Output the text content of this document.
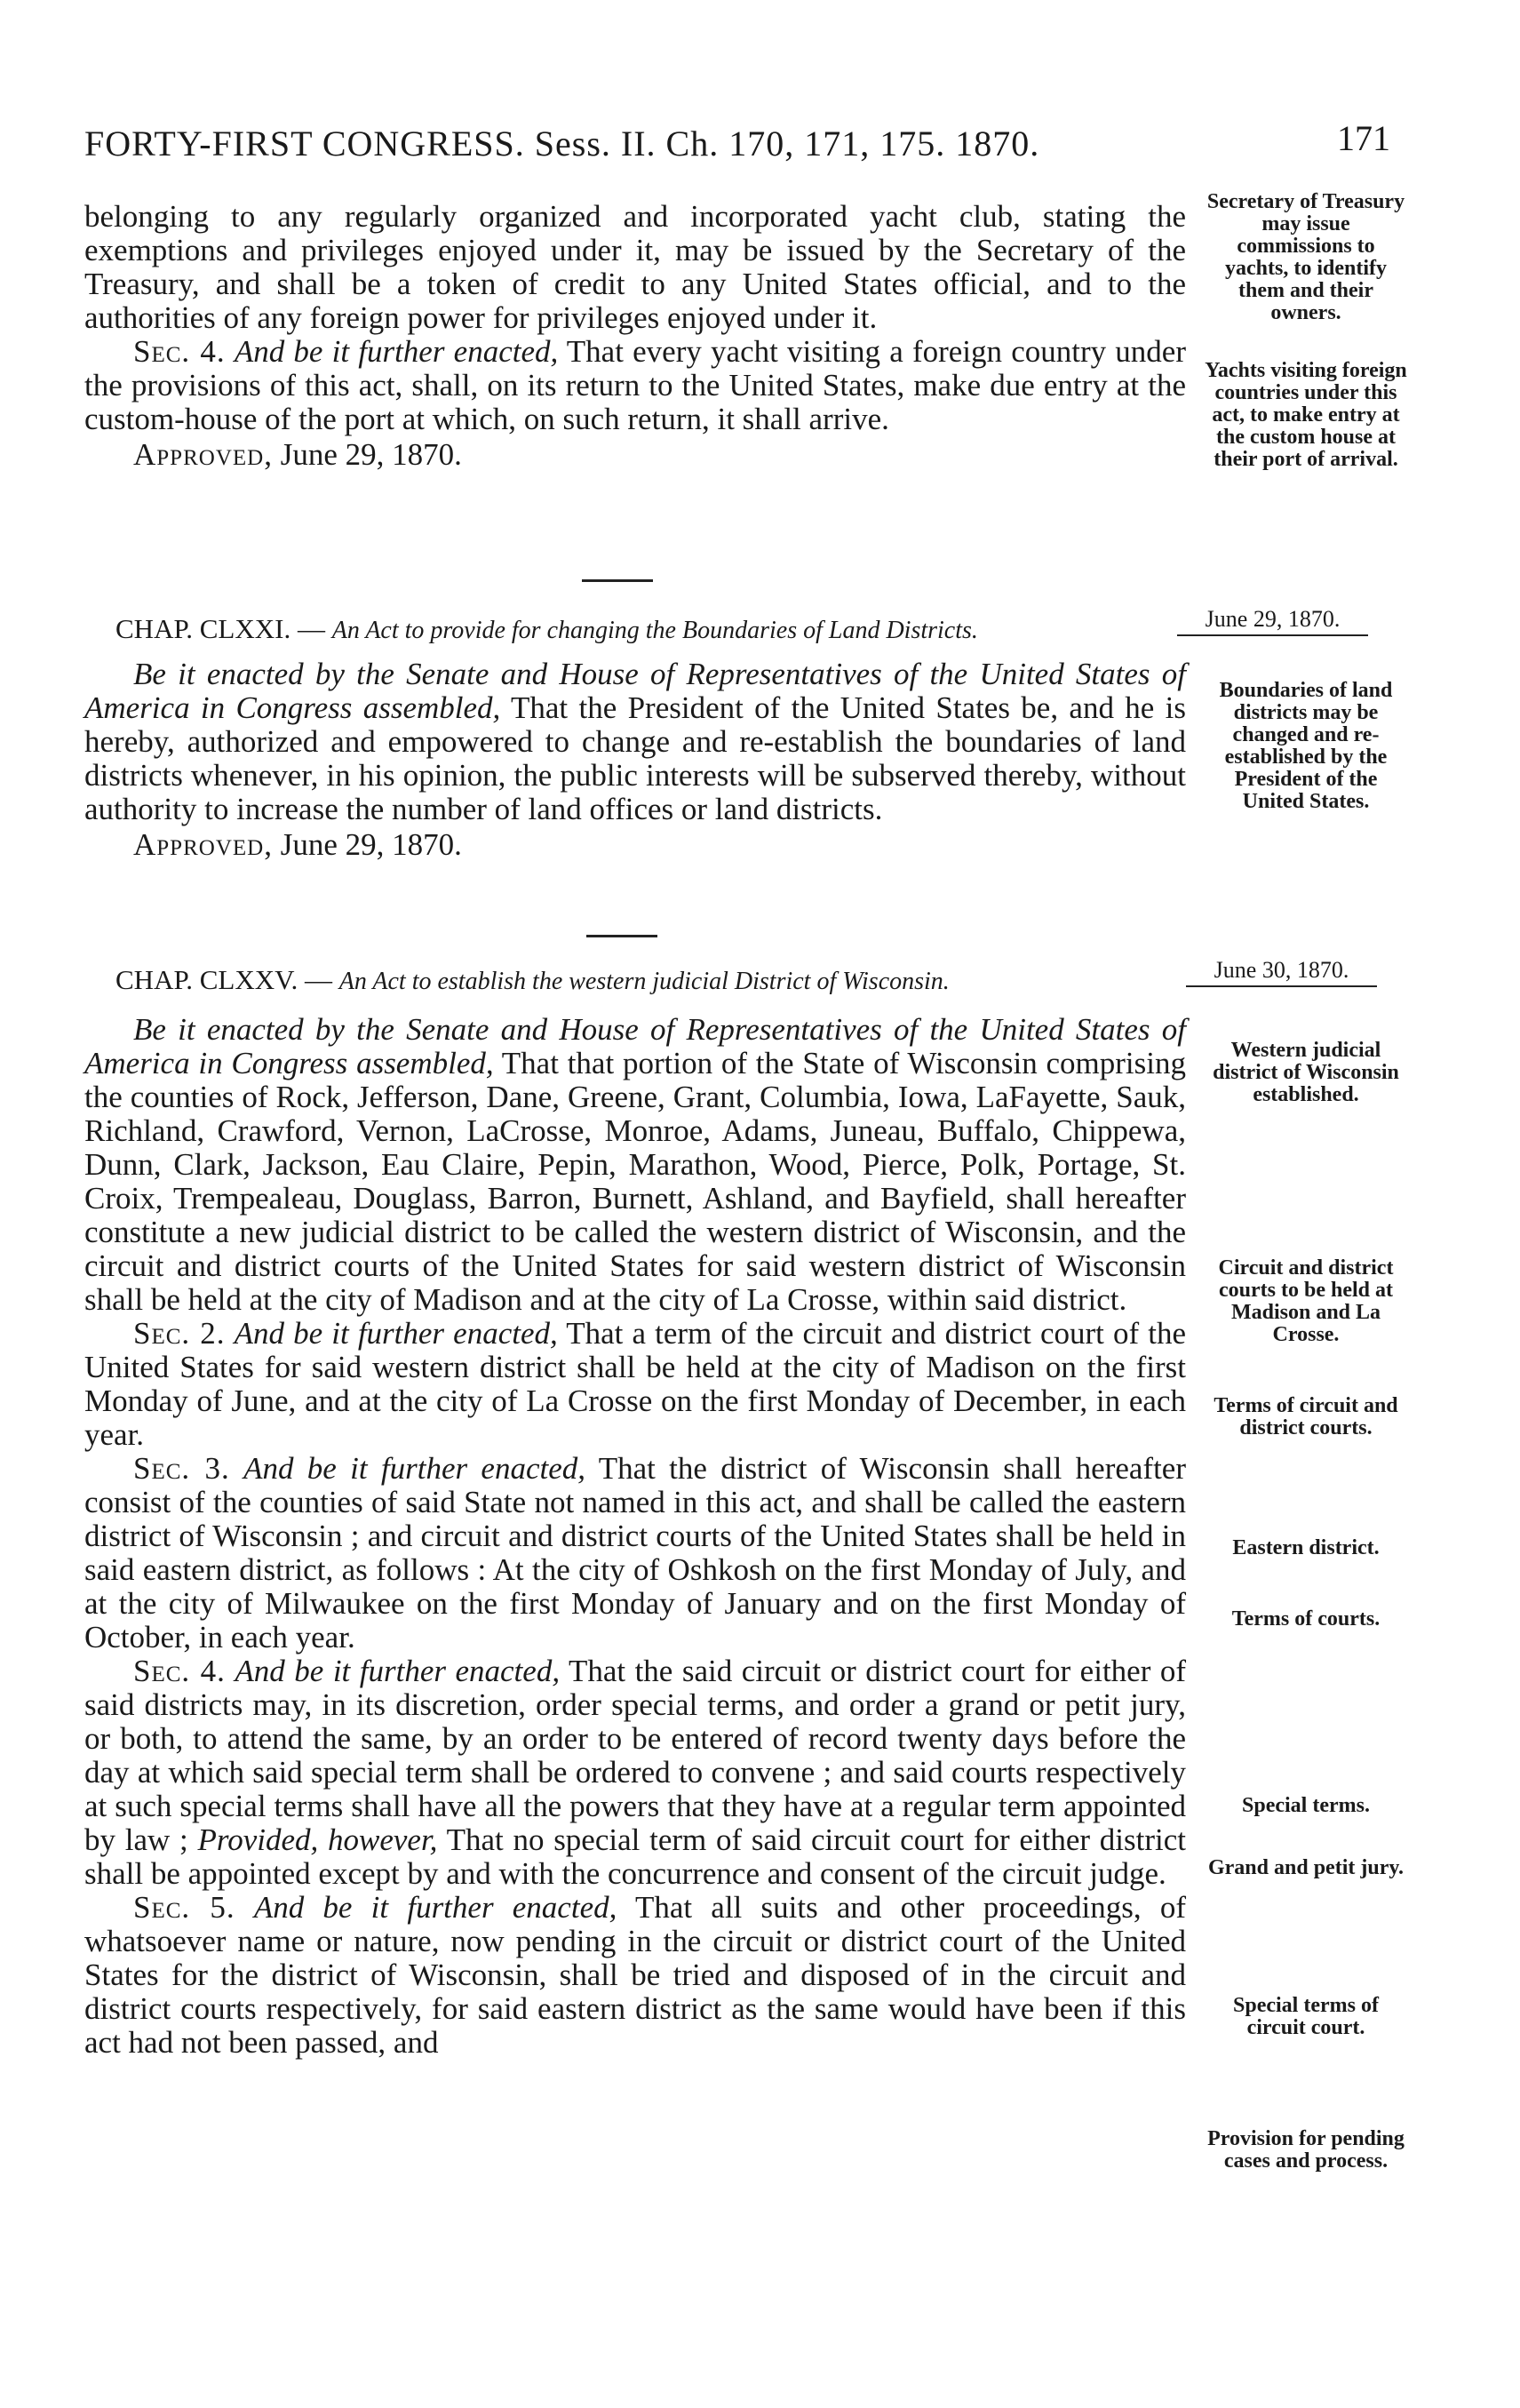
FORTY-FIRST CONGRESS. Sess. II. Ch. 170, 171, 175. 1870.	171

belonging to any regularly organized and incorporated yacht club, stating the exemptions and privileges enjoyed under it, may be issued by the Secretary of the Treasury, and shall be a token of credit to any United States official, and to the authorities of any foreign power for privileges enjoyed under it.

Sec. 4. And be it further enacted, That every yacht visiting a foreign country under the provisions of this act, shall, on its return to the United States, make due entry at the custom-house of the port at which, on such return, it shall arrive.

Approved, June 29, 1870.

Secretary of Treasury may issue commissions to yachts, to identify them and their owners.
Yachts visiting foreign countries under this act, to make entry at the custom house at their port of arrival.
CHAP. CLXXI. — An Act to provide for changing the Boundaries of Land Districts.	June 29, 1870.

Be it enacted by the Senate and House of Representatives of the United States of America in Congress assembled, That the President of the United States be, and he is hereby, authorized and empowered to change and re-establish the boundaries of land districts whenever, in his opinion, the public interests will be subserved thereby, without authority to increase the number of land offices or land districts.

Approved, June 29, 1870.

Boundaries of land districts may be changed and re-established by the President of the United States.
CHAP. CLXXV. — An Act to establish the western judicial District of Wisconsin.	June 30, 1870.

Be it enacted by the Senate and House of Representatives of the United States of America in Congress assembled, That that portion of the State of Wisconsin comprising the counties of Rock, Jefferson, Dane, Greene, Grant, Columbia, Iowa, LaFayette, Sauk, Richland, Crawford, Vernon, LaCrosse, Monroe, Adams, Juneau, Buffalo, Chippewa, Dunn, Clark, Jackson, Eau Claire, Pepin, Marathon, Wood, Pierce, Polk, Portage, St. Croix, Trempealeau, Douglass, Barron, Burnett, Ashland, and Bayfield, shall hereafter constitute a new judicial district to be called the western district of Wisconsin, and the circuit and district courts of the United States for said western district of Wisconsin shall be held at the city of Madison and at the city of La Crosse, within said district.

Sec. 2. And be it further enacted, That a term of the circuit and district court of the United States for said western district shall be held at the city of Madison on the first Monday of June, and at the city of La Crosse on the first Monday of December, in each year.

Sec. 3. And be it further enacted, That the district of Wisconsin shall hereafter consist of the counties of said State not named in this act, and shall be called the eastern district of Wisconsin ; and circuit and district courts of the United States shall be held in said eastern district, as follows : At the city of Oshkosh on the first Monday of July, and at the city of Milwaukee on the first Monday of January and on the first Monday of October, in each year.

Sec. 4. And be it further enacted, That the said circuit or district court for either of said districts may, in its discretion, order special terms, and order a grand or petit jury, or both, to attend the same, by an order to be entered of record twenty days before the day at which said special term shall be ordered to convene ; and said courts respectively at such special terms shall have all the powers that they have at a regular term appointed by law ; Provided, however, That no special term of said circuit court for either district shall be appointed except by and with the concurrence and consent of the circuit judge.

Sec. 5. And be it further enacted, That all suits and other proceedings, of whatsoever name or nature, now pending in the circuit or district court of the United States for the district of Wisconsin, shall be tried and disposed of in the circuit and district courts respectively, for said eastern district as the same would have been if this act had not been passed, and

Western judicial district of Wisconsin established.
Circuit and district courts to be held at Madison and La Crosse.
Terms of circuit and district courts.
Eastern district.
Terms of courts.
Special terms.
Grand and petit jury.
Special terms of circuit court.
Provision for pending cases and process.
